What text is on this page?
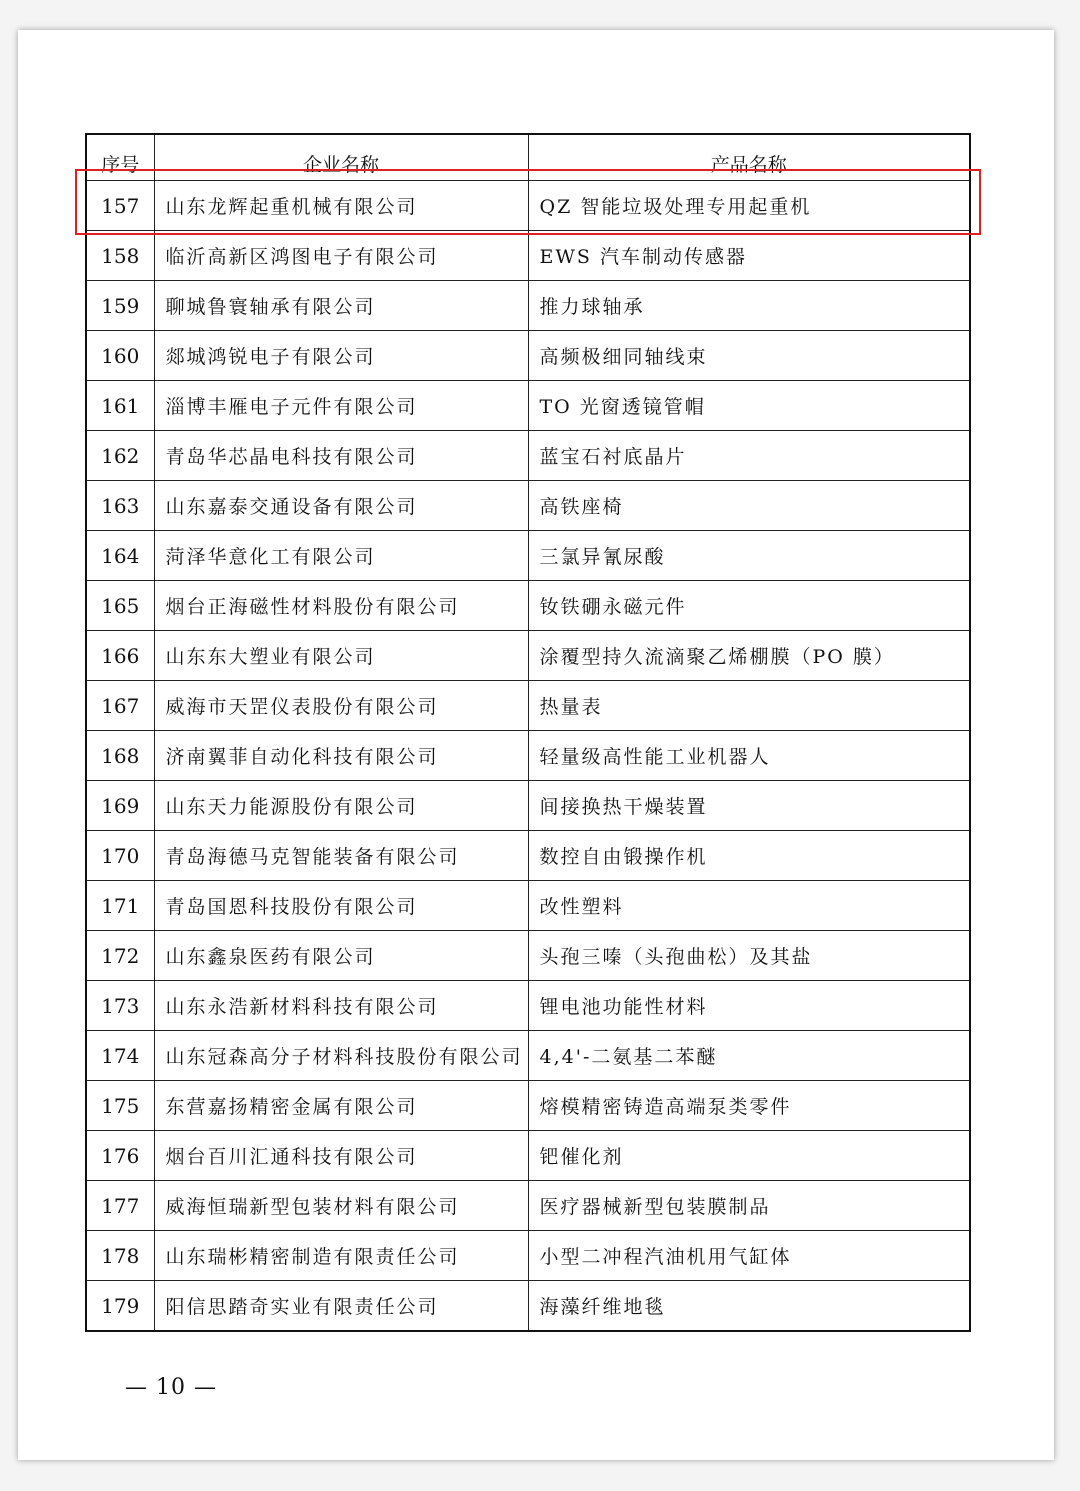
序号	企业名称	产品名称
157	山东龙辉起重机械有限公司	QZ 智能垃圾处理专用起重机
158	临沂高新区鸿图电子有限公司	EWS 汽车制动传感器
159	聊城鲁寰轴承有限公司	推力球轴承
160	郯城鸿锐电子有限公司	高频极细同轴线束
161	淄博丰雁电子元件有限公司	TO 光窗透镜管帽
162	青岛华芯晶电科技有限公司	蓝宝石衬底晶片
163	山东嘉泰交通设备有限公司	高铁座椅
164	菏泽华意化工有限公司	三氯异氰尿酸
165	烟台正海磁性材料股份有限公司	钕铁硼永磁元件
166	山东东大塑业有限公司	涂覆型持久流滴聚乙烯棚膜（PO 膜）
167	威海市天罡仪表股份有限公司	热量表
168	济南翼菲自动化科技有限公司	轻量级高性能工业机器人
169	山东天力能源股份有限公司	间接换热干燥装置
170	青岛海德马克智能装备有限公司	数控自由锻操作机
171	青岛国恩科技股份有限公司	改性塑料
172	山东鑫泉医药有限公司	头孢三嗪（头孢曲松）及其盐
173	山东永浩新材料科技有限公司	锂电池功能性材料
174	山东冠森高分子材料科技股份有限公司	4,4'-二氨基二苯醚
175	东营嘉扬精密金属有限公司	熔模精密铸造高端泵类零件
176	烟台百川汇通科技有限公司	钯催化剂
177	威海恒瑞新型包装材料有限公司	医疗器械新型包装膜制品
178	山东瑞彬精密制造有限责任公司	小型二冲程汽油机用气缸体
179	阳信思踏奇实业有限责任公司	海藻纤维地毯
— 10 —
